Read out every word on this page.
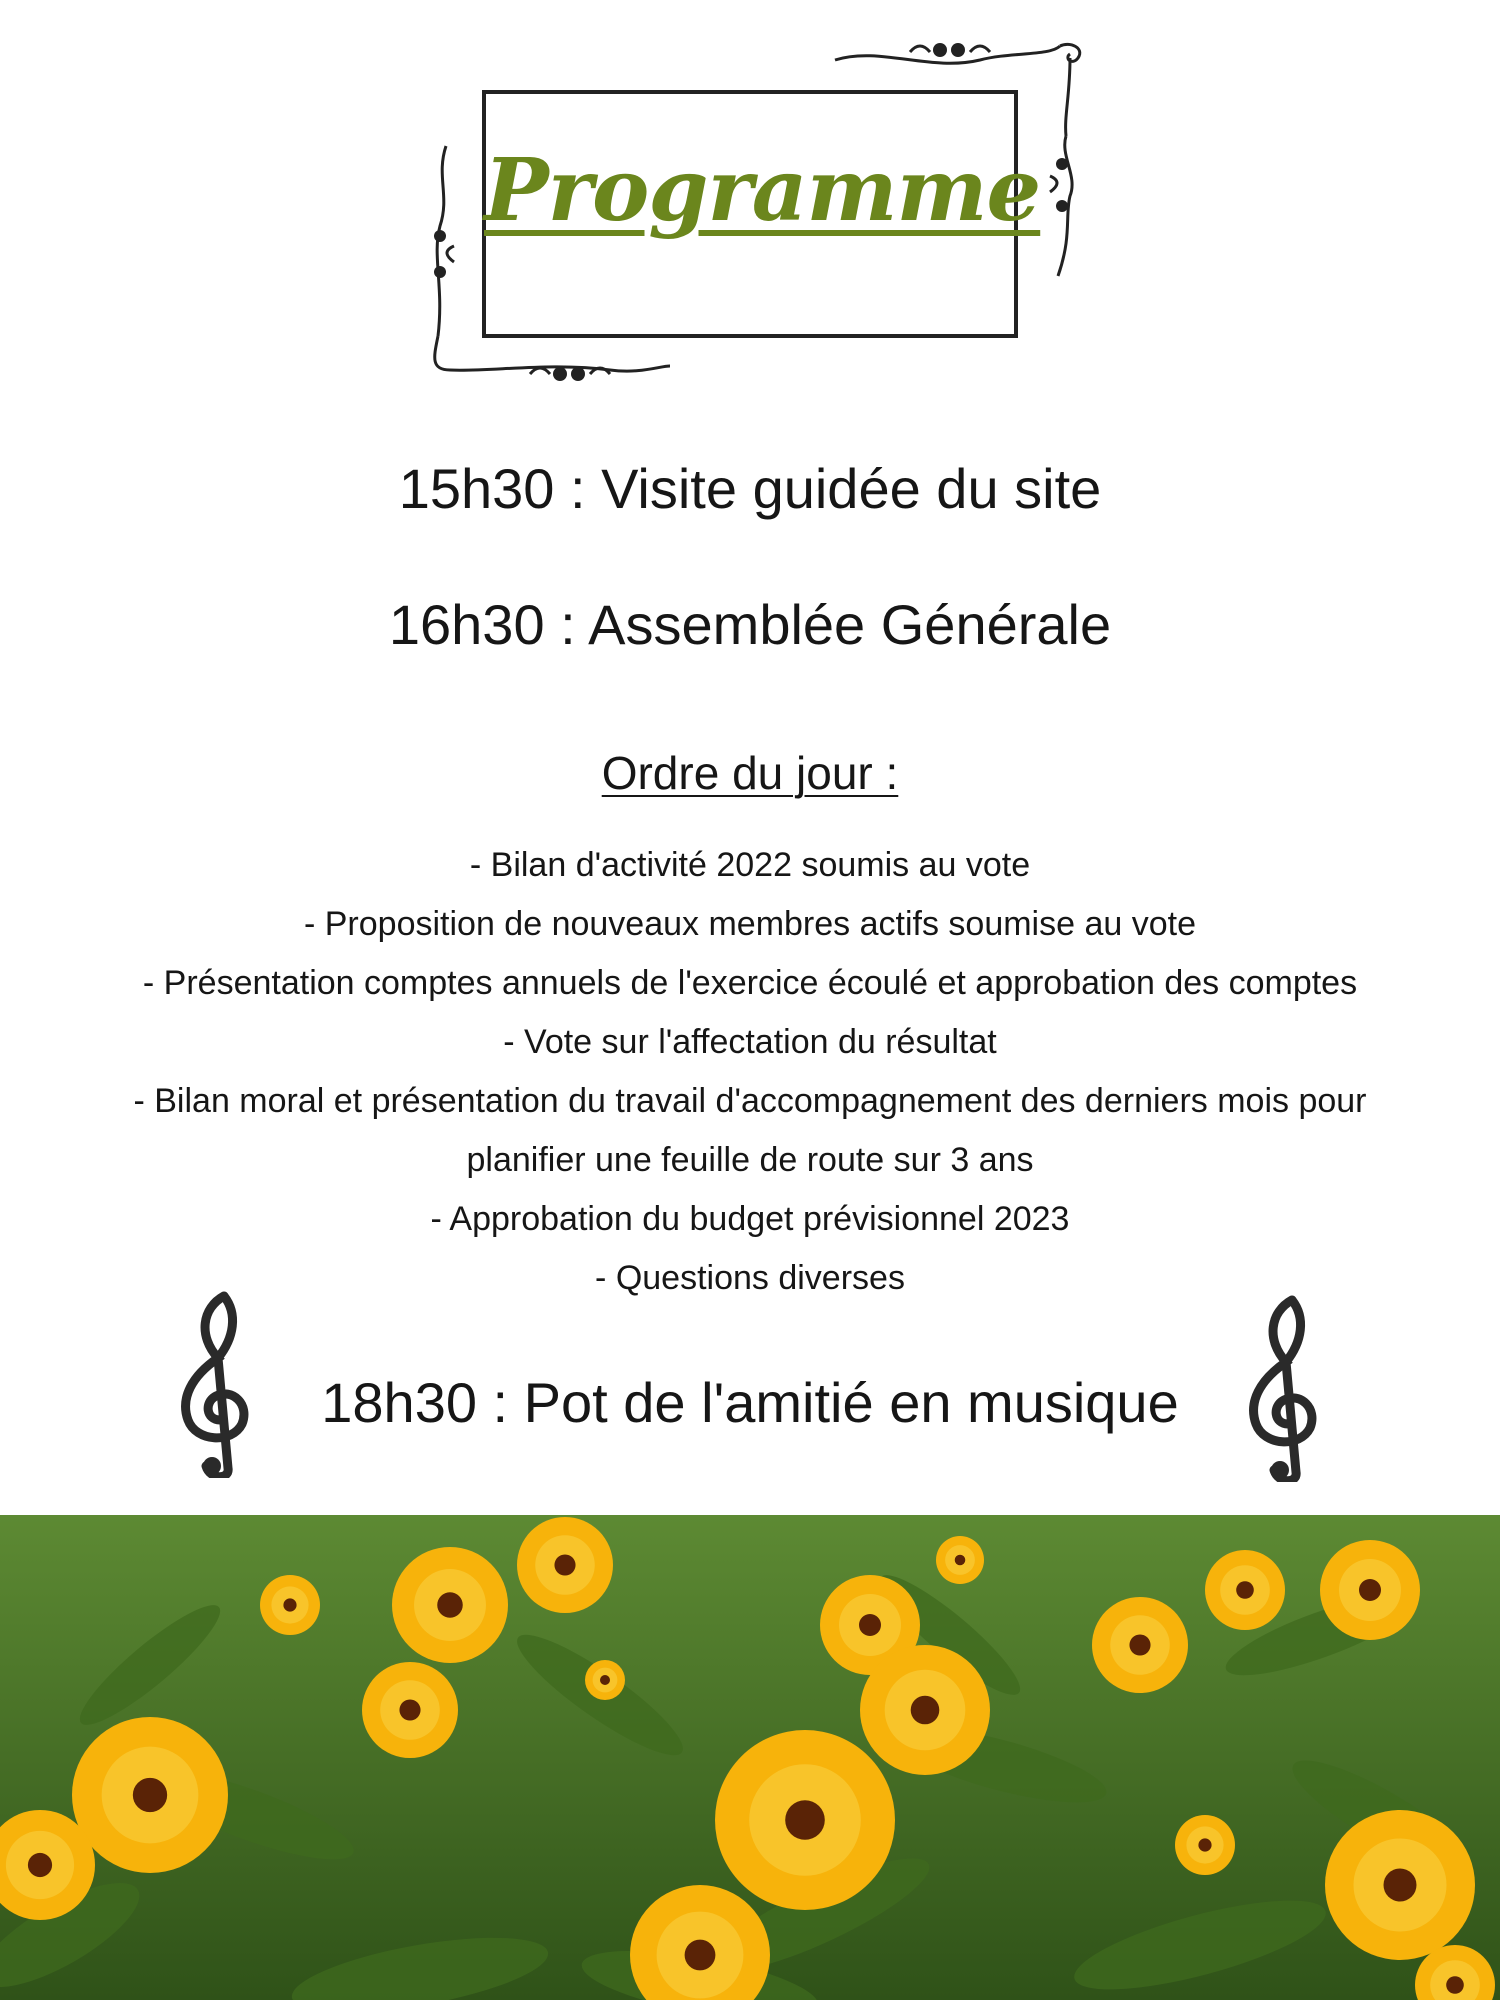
Programme
15h30 : Visite guidée du site
16h30 : Assemblée Générale
Ordre du jour :
- Bilan d'activité 2022 soumis au vote
- Proposition de nouveaux membres actifs soumise au vote
- Présentation comptes annuels de l'exercice écoulé et approbation des comptes
- Vote sur l'affectation du résultat
- Bilan moral et présentation du travail d'accompagnement des derniers mois pour
planifier une feuille de route sur 3 ans
- Approbation du budget prévisionnel 2023
- Questions diverses
18h30 : Pot de l'amitié en musique
